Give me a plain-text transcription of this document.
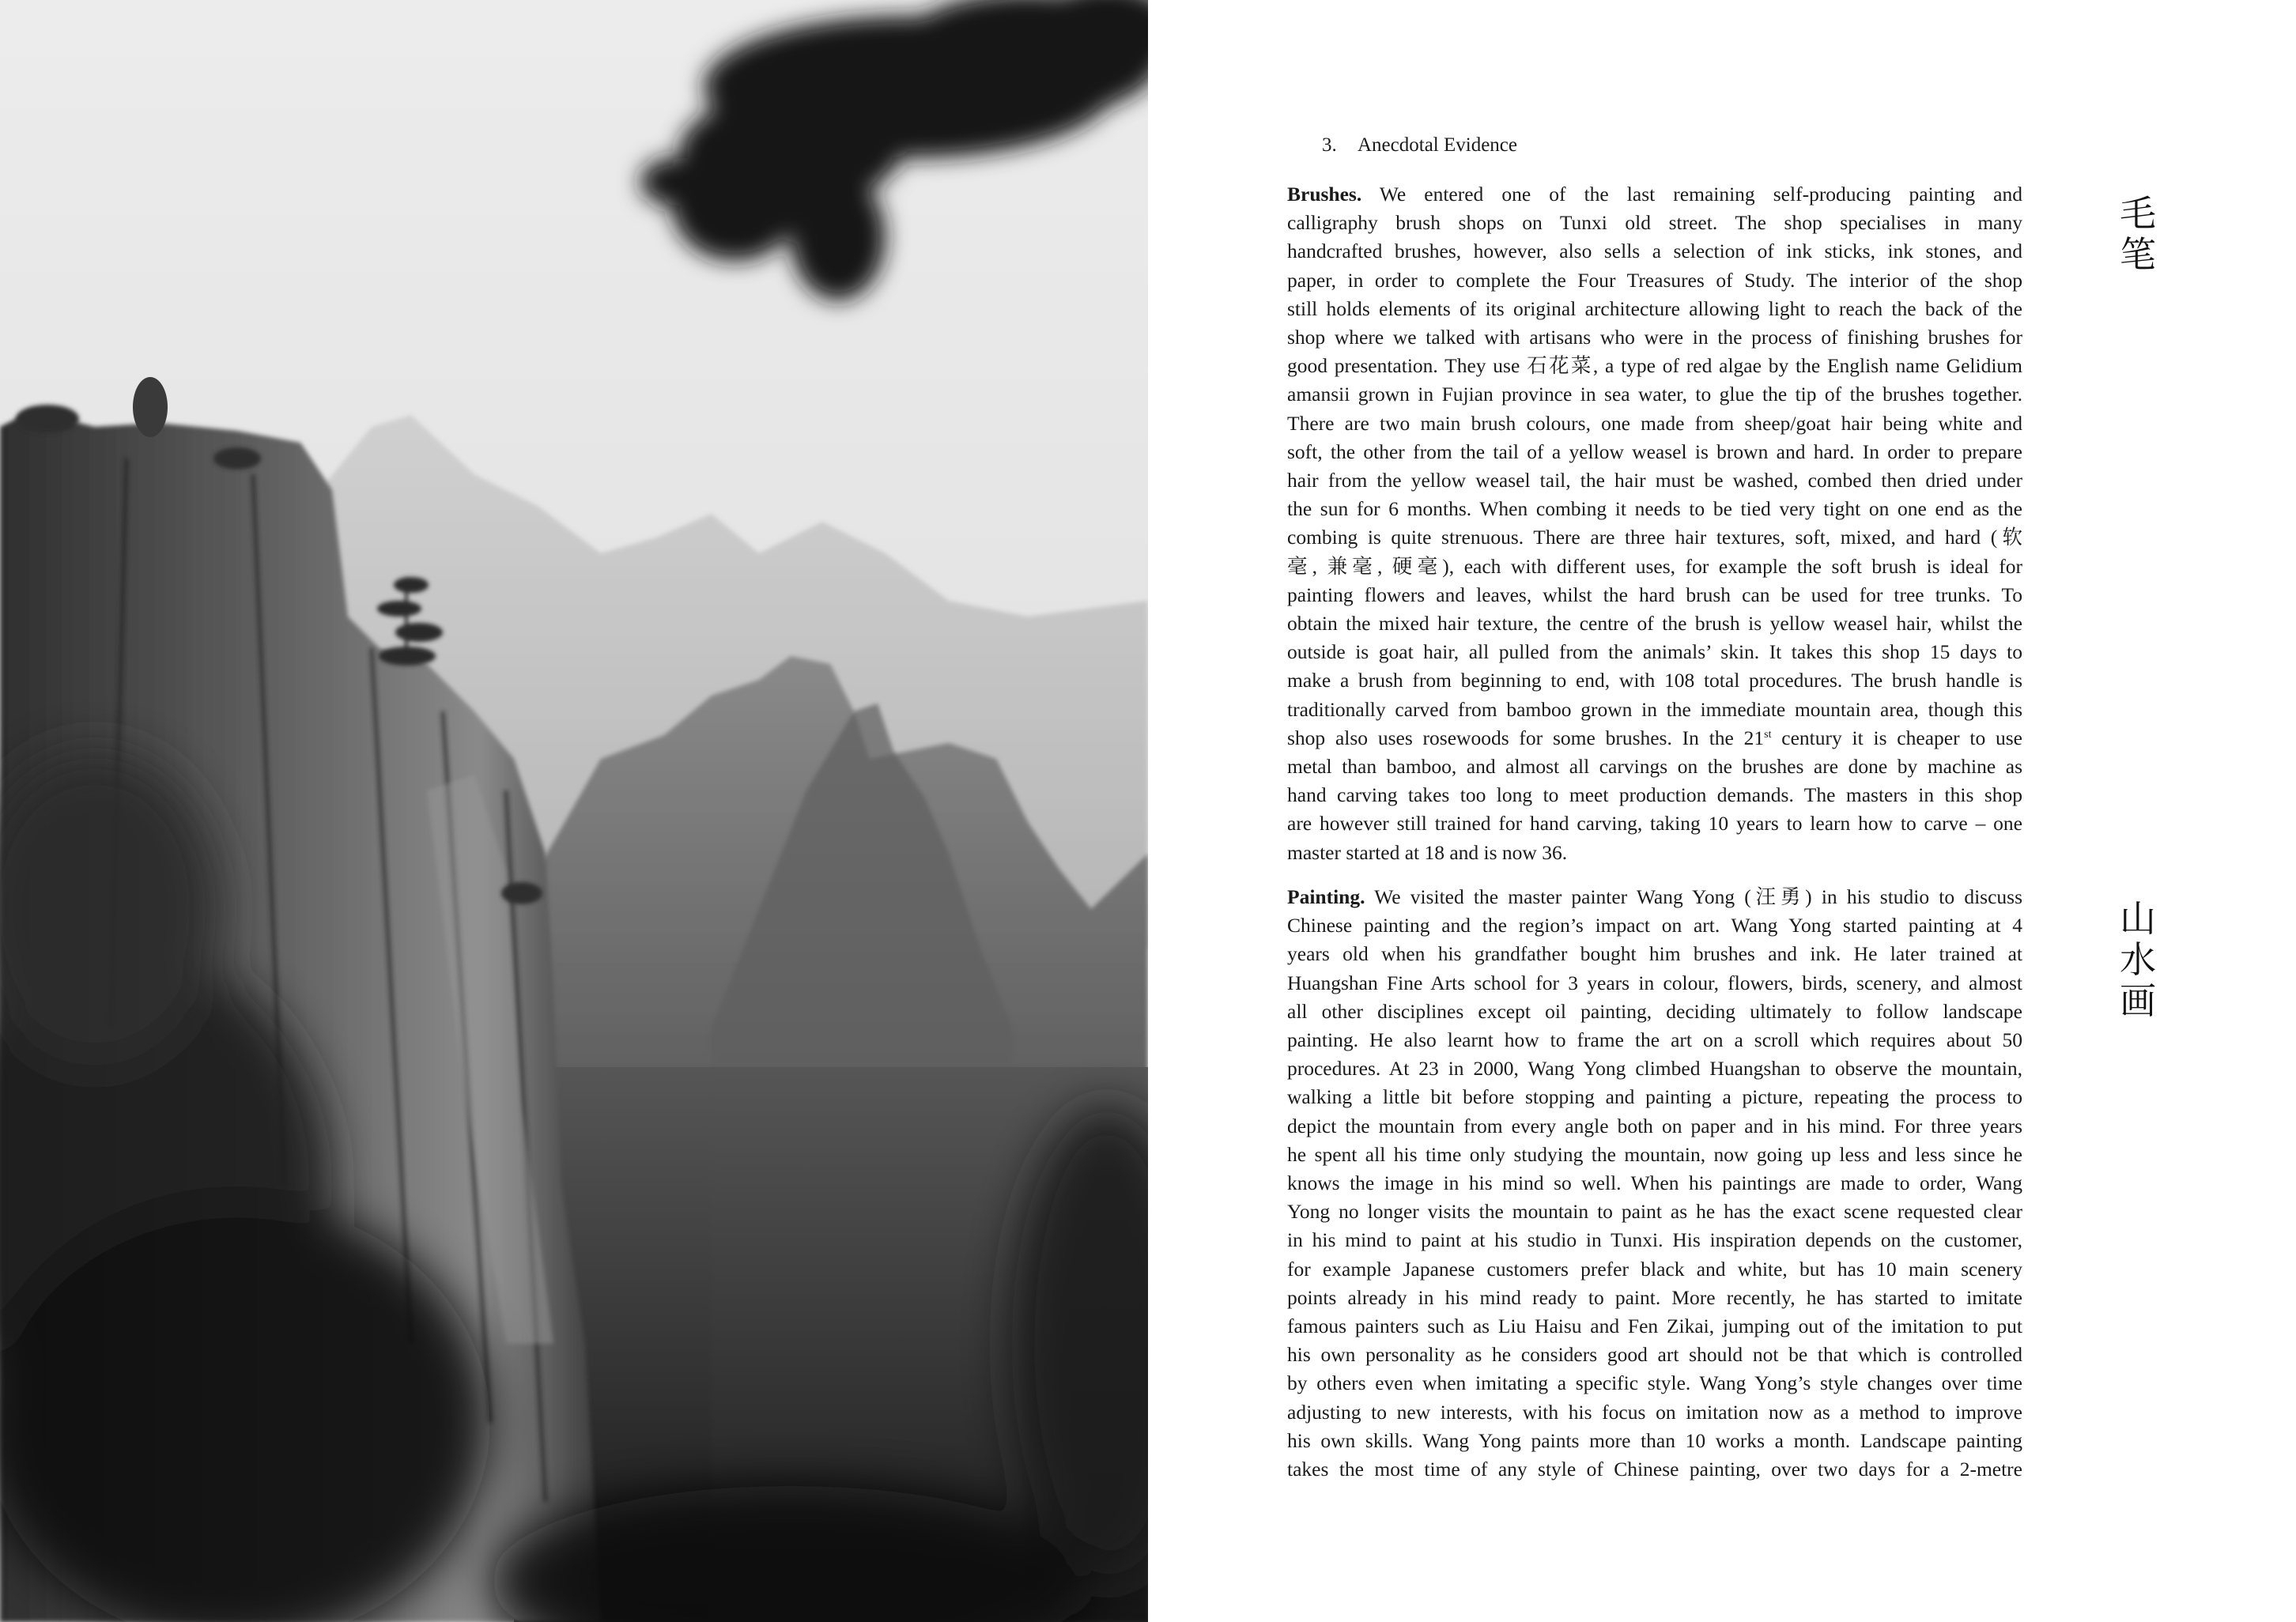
3. Anecdotal Evidence
Brushes. We entered one of the last remaining self-producing painting and
calligraphy brush shops on Tunxi old street. The shop specialises in many
handcrafted brushes, however, also sells a selection of ink sticks, ink stones, and
paper, in order to complete the Four Treasures of Study. The interior of the shop
still holds elements of its original architecture allowing light to reach the back of the
shop where we talked with artisans who were in the process of finishing brushes for
good presentation. They use 石花菜, a type of red algae by the English name Gelidium
amansii grown in Fujian province in sea water, to glue the tip of the brushes together.
There are two main brush colours, one made from sheep/goat hair being white and
soft, the other from the tail of a yellow weasel is brown and hard. In order to prepare
hair from the yellow weasel tail, the hair must be washed, combed then dried under
the sun for 6 months. When combing it needs to be tied very tight on one end as the
combing is quite strenuous. There are three hair textures, soft, mixed, and hard (软
毫, 兼毫, 硬毫), each with different uses, for example the soft brush is ideal for
painting flowers and leaves, whilst the hard brush can be used for tree trunks. To
obtain the mixed hair texture, the centre of the brush is yellow weasel hair, whilst the
outside is goat hair, all pulled from the animals’ skin. It takes this shop 15 days to
make a brush from beginning to end, with 108 total procedures. The brush handle is
traditionally carved from bamboo grown in the immediate mountain area, though this
shop also uses rosewoods for some brushes. In the 21st century it is cheaper to use
metal than bamboo, and almost all carvings on the brushes are done by machine as
hand carving takes too long to meet production demands. The masters in this shop
are however still trained for hand carving, taking 10 years to learn how to carve – one
master started at 18 and is now 36.
Painting. We visited the master painter Wang Yong (汪勇) in his studio to discuss
Chinese painting and the region’s impact on art. Wang Yong started painting at 4
years old when his grandfather bought him brushes and ink. He later trained at
Huangshan Fine Arts school for 3 years in colour, flowers, birds, scenery, and almost
all other disciplines except oil painting, deciding ultimately to follow landscape
painting. He also learnt how to frame the art on a scroll which requires about 50
procedures. At 23 in 2000, Wang Yong climbed Huangshan to observe the mountain,
walking a little bit before stopping and painting a picture, repeating the process to
depict the mountain from every angle both on paper and in his mind. For three years
he spent all his time only studying the mountain, now going up less and less since he
knows the image in his mind so well. When his paintings are made to order, Wang
Yong no longer visits the mountain to paint as he has the exact scene requested clear
in his mind to paint at his studio in Tunxi. His inspiration depends on the customer,
for example Japanese customers prefer black and white, but has 10 main scenery
points already in his mind ready to paint. More recently, he has started to imitate
famous painters such as Liu Haisu and Fen Zikai, jumping out of the imitation to put
his own personality as he considers good art should not be that which is controlled
by others even when imitating a specific style. Wang Yong’s style changes over time
adjusting to new interests, with his focus on imitation now as a method to improve
his own skills. Wang Yong paints more than 10 works a month. Landscape painting
takes the most time of any style of Chinese painting, over two days for a 2-metre
毛
笔
山
水
画
